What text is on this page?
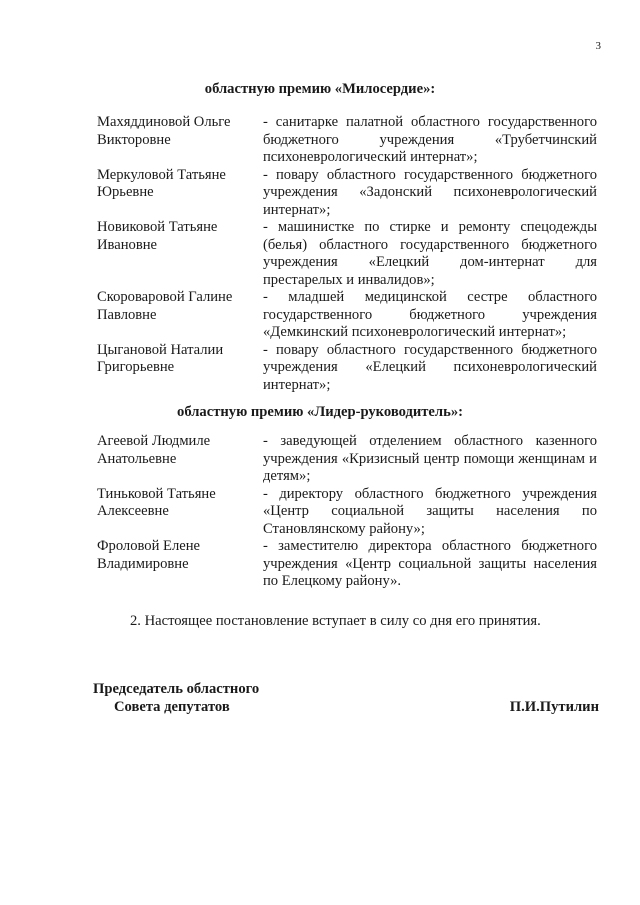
3
областную премию «Милосердие»:
Махяддиновой Ольге Викторовне
- санитарке палатной областного государственного бюджетного учреждения «Трубетчинский психоневрологический интернат»;
Меркуловой Татьяне Юрьевне
- повару областного государственного бюджетного учреждения «Задонский психоневрологический интернат»;
Новиковой Татьяне Ивановне
- машинистке по стирке и ремонту спецодежды (белья) областного государственного бюджетного учреждения «Елецкий дом-интернат для престарелых и инвалидов»;
Скороваровой Галине Павловне
- младшей медицинской сестре областного государственного бюджетного учреждения «Демкинский психоневрологический интернат»;
Цыгановой Наталии Григорьевне
- повару областного государственного бюджетного учреждения «Елецкий психоневрологический интернат»;
областную премию «Лидер-руководитель»:
Агеевой Людмиле Анатольевне
- заведующей отделением областного казенного учреждения «Кризисный центр помощи женщинам и детям»;
Тиньковой Татьяне Алексеевне
- директору областного бюджетного учреждения «Центр социальной защиты населения по Становлянскому району»;
Фроловой Елене Владимировне
- заместителю директора областного бюджетного учреждения «Центр социальной защиты населения по Елецкому району».
2. Настоящее постановление вступает в силу со дня его принятия.
Председатель областного
Совета депутатов	П.И.Путилин
